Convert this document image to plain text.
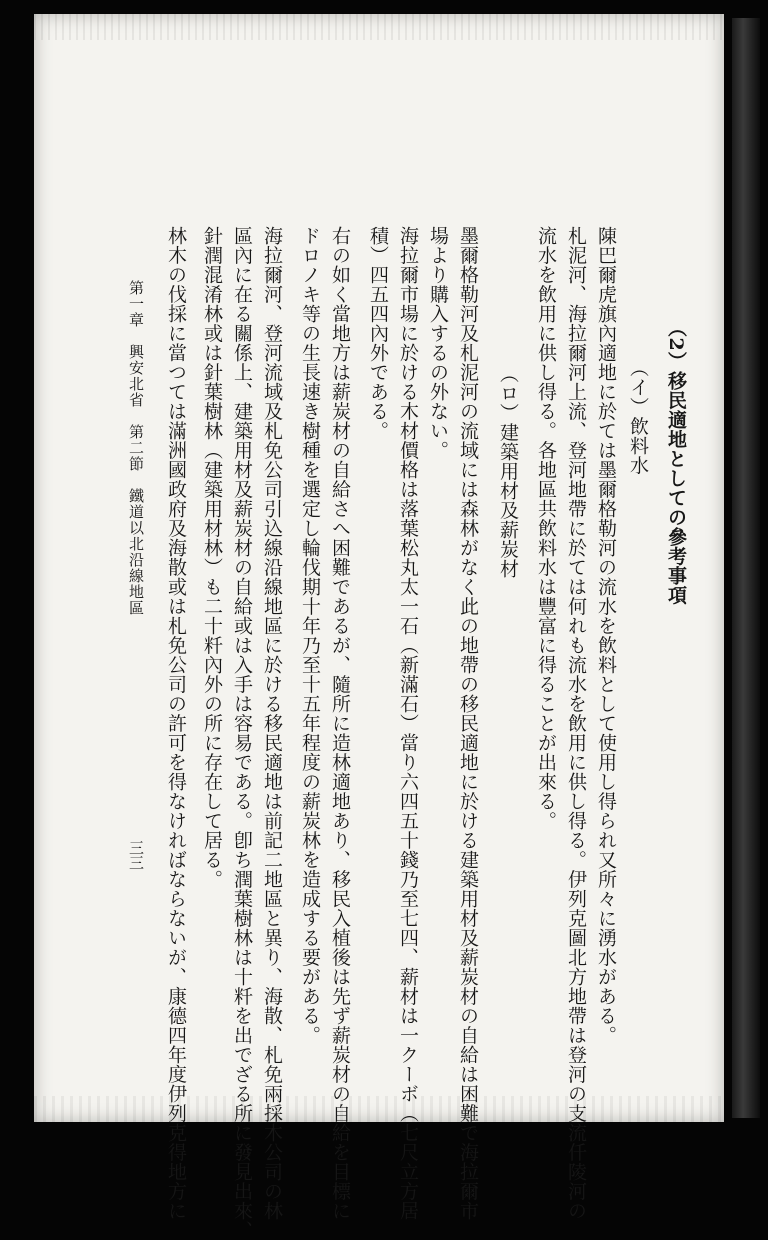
（2）移民適地としての參考事項
（イ）飲料水
陳巴爾虎旗內適地に於ては墨爾格勒河の流水を飲料として使用し得られ又所々に湧水がある。
札泥河、海拉爾河上流、登河地帶に於ては何れも流水を飲用に供し得る。伊列克圖北方地帶は登河の支流仟陵河の
流水を飲用に供し得る。各地區共飲料水は豐富に得ることが出來る。
（ロ）建築用材及薪炭材
墨爾格勒河及札泥河の流域には森林がなく此の地帶の移民適地に於ける建築用材及薪炭材の自給は困難で海拉爾市
場より購入するの外ない。
海拉爾市場に於ける木材價格は落葉松丸太一石（新滿石）當り六四五十錢乃至七四、薪材は一クーボ（七尺立方居
積）四五四內外である。
右の如く當地方は薪炭材の自給さへ困難であるが、隨所に造林適地あり、移民入植後は先ず薪炭材の自給を目標に
ドロノキ等の生長速き樹種を選定し輪伐期十年乃至十五年程度の薪炭林を造成する要がある。
海拉爾河、登河流域及札免公司引込線沿線地區に於ける移民適地は前記二地區と異り、海散、札免兩採木公司の林
區內に在る關係上、建築用材及薪炭材の自給或は入手は容易である。卽ち潤葉樹林は十粁を出でざる所に發見出來、
針潤混淆林或は針葉樹林（建築用材林）も二十粁內外の所に存在して居る。
林木の伐採に當つては滿洲國政府及海散或は札免公司の許可を得なければならないが、康德四年度伊列克得地方に
第一章　興安北省　第二節　鐵道以北沿線地區
三三
